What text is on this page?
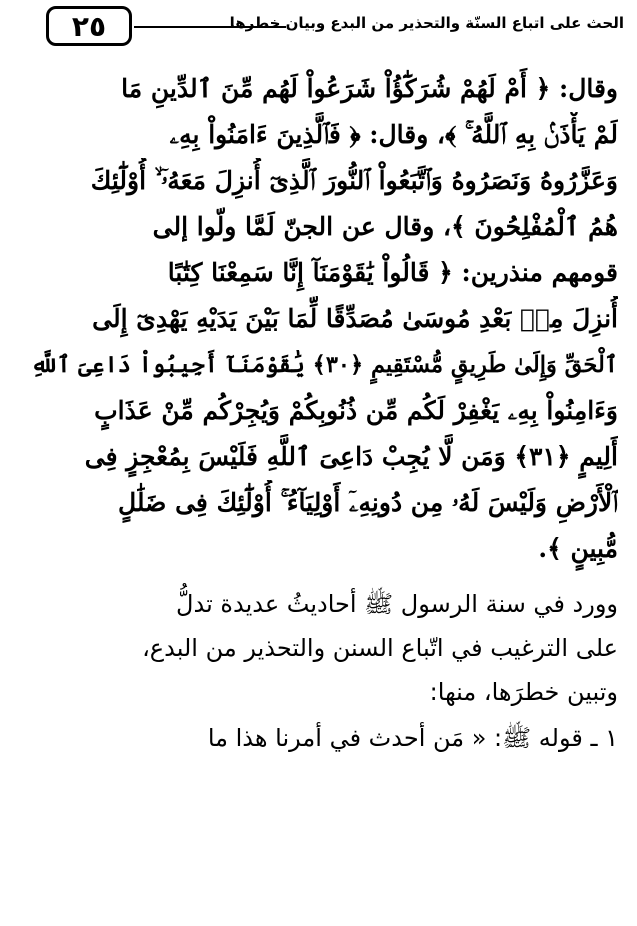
الحث على اتباع السنّة والتحذير من البدع وبيان خطرها
٢٥
وقال: ﴿ أَمْ لَهُمْ شُرَكَٰٓؤُاْ شَرَعُواْ لَهُم مِّنَ ٱلدِّينِ مَا
لَمْ يَأْذَنۢ بِهِ ٱللَّهُ ۚ ﴾، وقال: ﴿ فَٱلَّذِينَ ءَامَنُواْ بِهِۦ
وَعَزَّرُوهُ وَنَصَرُوهُ وَٱتَّبَعُواْ ٱلنُّورَ ٱلَّذِىٓ أُنزِلَ مَعَهُۥٓ ۙ أُوْلَٰٓئِكَ
هُمُ ٱلْمُفْلِحُونَ ﴾، وقال عن الجنّ لَمَّا ولّوا إلى
قومهم منذرين: ﴿ قَالُواْ يَٰقَوْمَنَآ إِنَّا سَمِعْنَا كِتَٰبًا
أُنزِلَ مِنۢ بَعْدِ مُوسَىٰ مُصَدِّقًا لِّمَا بَيْنَ يَدَيْهِ يَهْدِىٓ إِلَى
ٱلْحَقِّ وَإِلَىٰ طَرِيقٍ مُّسْتَقِيمٍ ﴿٣٠﴾ يَٰقَوْمَنَآ أَجِيبُواْ دَاعِىَ ٱللَّهِ
وَءَامِنُواْ بِهِۦ يَغْفِرْ لَكُم مِّن ذُنُوبِكُمْ وَيُجِرْكُم مِّنْ عَذَابٍ
أَلِيمٍ ﴿٣١﴾ وَمَن لَّا يُجِبْ دَاعِىَ ٱللَّهِ فَلَيْسَ بِمُعْجِزٍ فِى
ٱلْأَرْضِ وَلَيْسَ لَهُۥ مِن دُونِهِۦٓ أَوْلِيَآءُ ۚ أُوْلَٰٓئِكَ فِى ضَلَٰلٍ
مُّبِينٍ ﴾.
وورد في سنة الرسول ﷺ أحاديثُ عديدة تدلُّ
على الترغيب في اتّباع السنن والتحذير من البدع،
وتبين خطرَها، منها:
١ ـ قوله ﷺ: « مَن أحدث في أمرنا هذا ما
